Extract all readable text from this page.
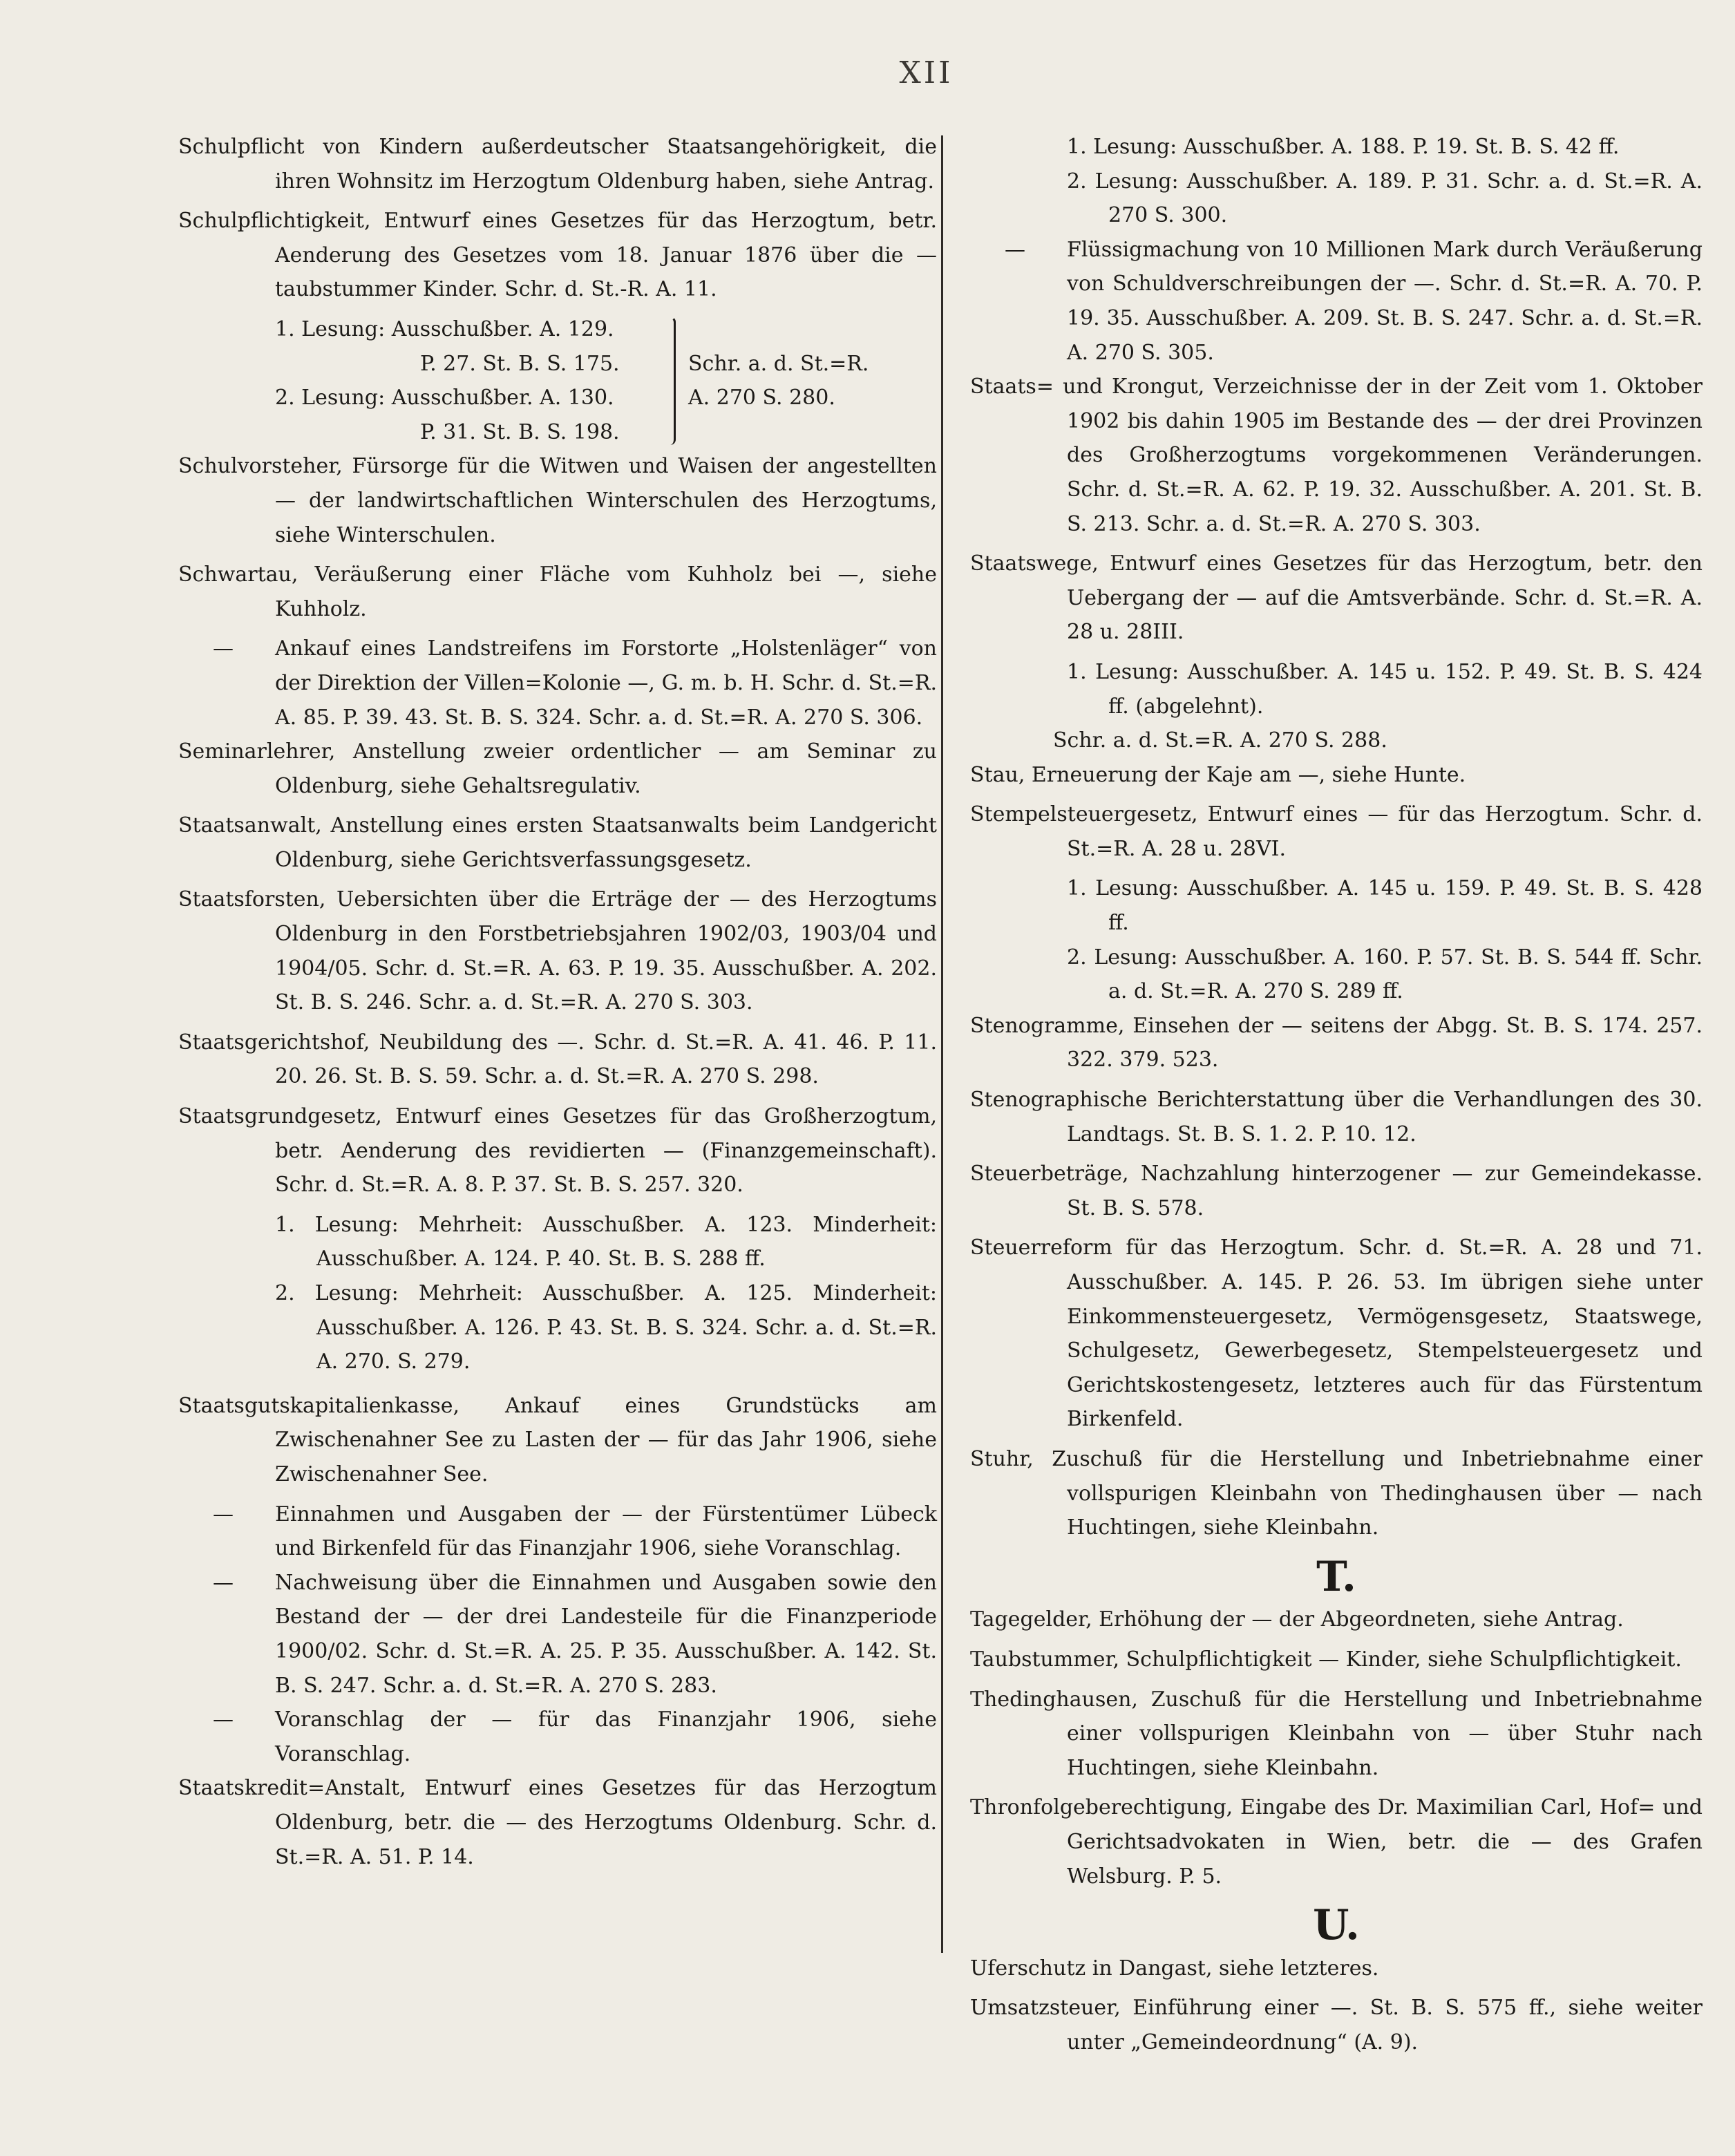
XII
Schulpflicht von Kindern außerdeutscher Staatsangehörigkeit, die ihren Wohnsitz im Herzogtum Oldenburg haben, siehe Antrag.
Schulpflichtigkeit, Entwurf eines Gesetzes für das Herzogtum, betr. Aenderung des Gesetzes vom 18. Januar 1876 über die — taubstummer Kinder. Schr. d. St.-R. A. 11.
1. Lesung: Ausschußber. A. 129.
P. 27. St. B. S. 175.
2. Lesung: Ausschußber. A. 130.
P. 31. St. B. S. 198.
Schr. a. d. St.=R.
A. 270 S. 280.
Schulvorsteher, Fürsorge für die Witwen und Waisen der angestellten — der landwirtschaftlichen Winterschulen des Herzogtums, siehe Winterschulen.
Schwartau, Veräußerung einer Fläche vom Kuhholz bei —, siehe Kuhholz.
— Ankauf eines Landstreifens im Forstorte „Holstenläger“ von der Direktion der Villen=Kolonie —, G. m. b. H. Schr. d. St.=R. A. 85. P. 39. 43. St. B. S. 324. Schr. a. d. St.=R. A. 270 S. 306.
Seminarlehrer, Anstellung zweier ordentlicher — am Seminar zu Oldenburg, siehe Gehaltsregulativ.
Staatsanwalt, Anstellung eines ersten Staatsanwalts beim Landgericht Oldenburg, siehe Gerichtsverfassungsgesetz.
Staatsforsten, Uebersichten über die Erträge der — des Herzogtums Oldenburg in den Forstbetriebsjahren 1902/03, 1903/04 und 1904/05. Schr. d. St.=R. A. 63. P. 19. 35. Ausschußber. A. 202. St. B. S. 246. Schr. a. d. St.=R. A. 270 S. 303.
Staatsgerichtshof, Neubildung des —. Schr. d. St.=R. A. 41. 46. P. 11. 20. 26. St. B. S. 59. Schr. a. d. St.=R. A. 270 S. 298.
Staatsgrundgesetz, Entwurf eines Gesetzes für das Großherzogtum, betr. Aenderung des revidierten — (Finanzgemeinschaft). Schr. d. St.=R. A. 8. P. 37. St. B. S. 257. 320.
1. Lesung: Mehrheit: Ausschußber. A. 123. Minderheit: Ausschußber. A. 124. P. 40. St. B. S. 288 ff.
2. Lesung: Mehrheit: Ausschußber. A. 125. Minderheit: Ausschußber. A. 126. P. 43. St. B. S. 324. Schr. a. d. St.=R. A. 270. S. 279.
Staatsgutskapitalienkasse, Ankauf eines Grundstücks am Zwischenahner See zu Lasten der — für das Jahr 1906, siehe Zwischenahner See.
— Einnahmen und Ausgaben der — der Fürstentümer Lübeck und Birkenfeld für das Finanzjahr 1906, siehe Voranschlag.
— Nachweisung über die Einnahmen und Ausgaben sowie den Bestand der — der drei Landesteile für die Finanzperiode 1900/02. Schr. d. St.=R. A. 25. P. 35. Ausschußber. A. 142. St. B. S. 247. Schr. a. d. St.=R. A. 270 S. 283.
— Voranschlag der — für das Finanzjahr 1906, siehe Voranschlag.
Staatskredit=Anstalt, Entwurf eines Gesetzes für das Herzogtum Oldenburg, betr. die — des Herzogtums Oldenburg. Schr. d. St.=R. A. 51. P. 14.
1. Lesung: Ausschußber. A. 188. P. 19. St. B. S. 42 ff.
2. Lesung: Ausschußber. A. 189. P. 31. Schr. a. d. St.=R. A. 270 S. 300.
— Flüssigmachung von 10 Millionen Mark durch Veräußerung von Schuldverschreibungen der —. Schr. d. St.=R. A. 70. P. 19. 35. Ausschußber. A. 209. St. B. S. 247. Schr. a. d. St.=R. A. 270 S. 305.
Staats= und Krongut, Verzeichnisse der in der Zeit vom 1. Oktober 1902 bis dahin 1905 im Bestande des — der drei Provinzen des Großherzogtums vorgekommenen Veränderungen. Schr. d. St.=R. A. 62. P. 19. 32. Ausschußber. A. 201. St. B. S. 213. Schr. a. d. St.=R. A. 270 S. 303.
Staatswege, Entwurf eines Gesetzes für das Herzogtum, betr. den Uebergang der — auf die Amtsverbände. Schr. d. St.=R. A. 28 u. 28III.
1. Lesung: Ausschußber. A. 145 u. 152. P. 49. St. B. S. 424 ff. (abgelehnt).
Schr. a. d. St.=R. A. 270 S. 288.
Stau, Erneuerung der Kaje am —, siehe Hunte.
Stempelsteuergesetz, Entwurf eines — für das Herzogtum. Schr. d. St.=R. A. 28 u. 28VI.
1. Lesung: Ausschußber. A. 145 u. 159. P. 49. St. B. S. 428 ff.
2. Lesung: Ausschußber. A. 160. P. 57. St. B. S. 544 ff. Schr. a. d. St.=R. A. 270 S. 289 ff.
Stenogramme, Einsehen der — seitens der Abgg. St. B. S. 174. 257. 322. 379. 523.
Stenographische Berichterstattung über die Verhandlungen des 30. Landtags. St. B. S. 1. 2. P. 10. 12.
Steuerbeträge, Nachzahlung hinterzogener — zur Gemeindekasse. St. B. S. 578.
Steuerreform für das Herzogtum. Schr. d. St.=R. A. 28 und 71. Ausschußber. A. 145. P. 26. 53. Im übrigen siehe unter Einkommensteuergesetz, Vermögensgesetz, Staatswege, Schulgesetz, Gewerbegesetz, Stempelsteuergesetz und Gerichtskostengesetz, letzteres auch für das Fürstentum Birkenfeld.
Stuhr, Zuschuß für die Herstellung und Inbetriebnahme einer vollspurigen Kleinbahn von Thedinghausen über — nach Huchtingen, siehe Kleinbahn.
T.
Tagegelder, Erhöhung der — der Abgeordneten, siehe Antrag.
Taubstummer, Schulpflichtigkeit — Kinder, siehe Schulpflichtigkeit.
Thedinghausen, Zuschuß für die Herstellung und Inbetriebnahme einer vollspurigen Kleinbahn von — über Stuhr nach Huchtingen, siehe Kleinbahn.
Thronfolgeberechtigung, Eingabe des Dr. Maximilian Carl, Hof= und Gerichtsadvokaten in Wien, betr. die — des Grafen Welsburg. P. 5.
U.
Uferschutz in Dangast, siehe letzteres.
Umsatzsteuer, Einführung einer —. St. B. S. 575 ff., siehe weiter unter „Gemeindeordnung“ (A. 9).
